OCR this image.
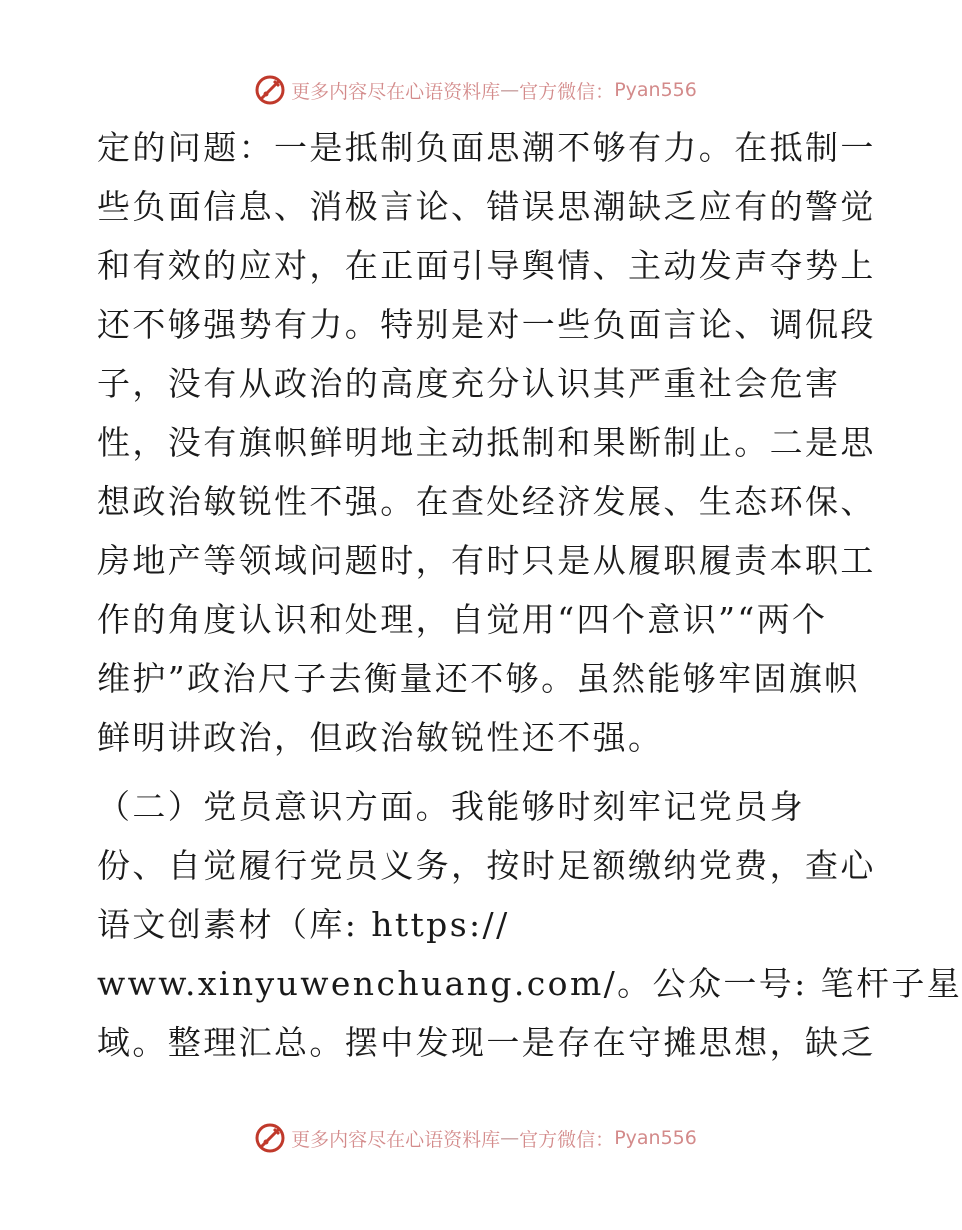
更多内容尽在心语资料库 — 官方微信： Pyan556
定的问题：一是抵制负面思潮不够有力。在抵制一
些负面信息、消极言论、错误思潮缺乏应有的警觉
和有效的应对，在正面引导舆情、主动发声夺势上
还不够强势有力。特别是对一些负面言论、调侃段
子，没有从政治的高度充分认识其严重社会危害
性，没有旗帜鲜明地主动抵制和果断制止。二是思
想政治敏锐性不强。在查处经济发展、生态环保、
房地产等领域问题时，有时只是从履职履责本职工
作的角度认识和处理，自觉用“四个意识”“两个
维护”政治尺子去衡量还不够。虽然能够牢固旗帜
鲜明讲政治，但政治敏锐性还不强。
（二）党员意识方面。我能够时刻牢记党员身
份、自觉履行党员义务，按时足额缴纳党费，查心
语文创素材（库: https://
www.xinyuwenchuang.com/。公众一号: 笔杆子星
域。整理汇总。摆中发现一是存在守摊思想，缺乏
更多内容尽在心语资料库 — 官方微信： Pyan556
